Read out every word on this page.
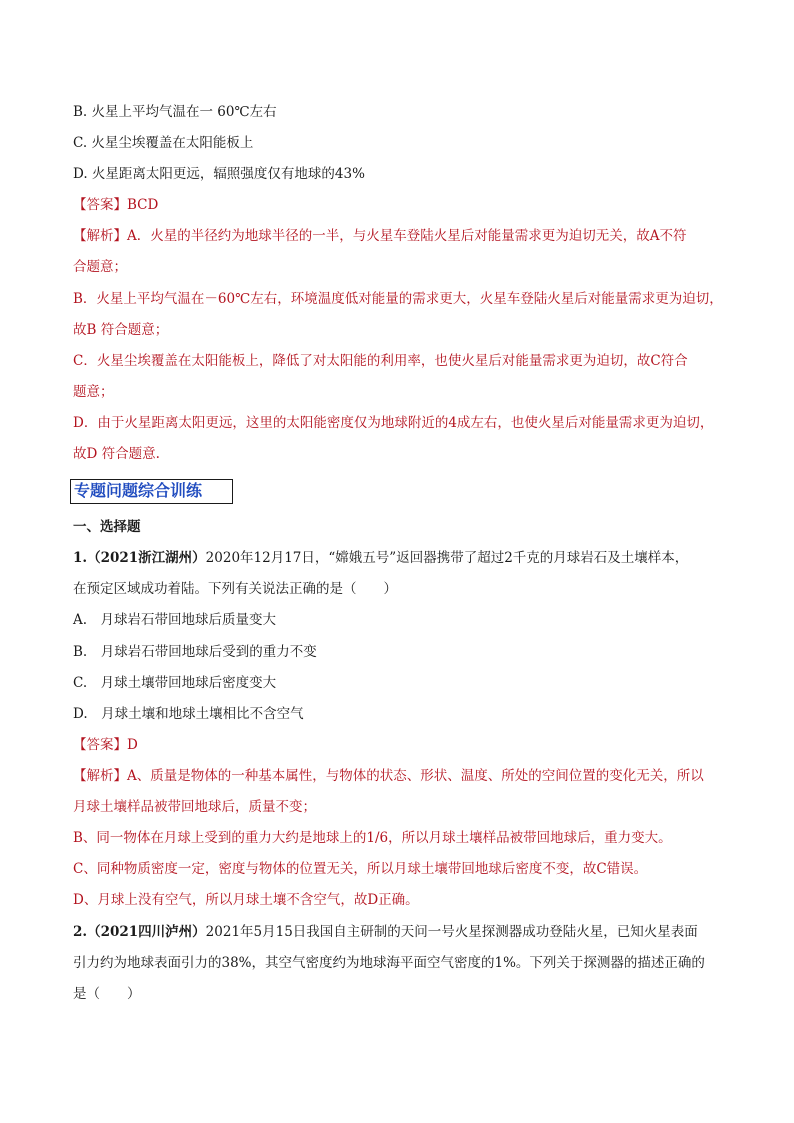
B. 火星上平均气温在一 60℃左右
C. 火星尘埃覆盖在太阳能板上
D. 火星距离太阳更远，辐照强度仅有地球的43%
【答案】BCD
【解析】A．火星的半径约为地球半径的一半，与火星车登陆火星后对能量需求更为迫切无关，故A不符
合题意；
B．火星上平均气温在－60℃左右，环境温度低对能量的需求更大，火星车登陆火星后对能量需求更为迫切，
故B 符合题意；
C．火星尘埃覆盖在太阳能板上，降低了对太阳能的利用率，也使火星后对能量需求更为迫切，故C符合
题意；
D．由于火星距离太阳更远，这里的太阳能密度仅为地球附近的4成左右，也使火星后对能量需求更为迫切，
故D 符合题意.
专题问题综合训练
一、选择题
1.（2021浙江湖州）2020年12月17日，“嫦娥五号”返回器携带了超过2千克的月球岩石及土壤样本，
在预定区域成功着陆。下列有关说法正确的是（　　）
A.　月球岩石带回地球后质量变大
B.　月球岩石带回地球后受到的重力不变
C.　月球土壤带回地球后密度变大
D.　月球土壤和地球土壤相比不含空气
【答案】D
【解析】A、质量是物体的一种基本属性，与物体的状态、形状、温度、所处的空间位置的变化无关，所以
月球土壤样品被带回地球后，质量不变；
B、同一物体在月球上受到的重力大约是地球上的1/6，所以月球土壤样品被带回地球后，重力变大。
C、同种物质密度一定，密度与物体的位置无关，所以月球土壤带回地球后密度不变，故C错误。
D、月球上没有空气，所以月球土壤不含空气，故D正确。
2.（2021四川泸州）2021年5月15日我国自主研制的天问一号火星探测器成功登陆火星，已知火星表面
引力约为地球表面引力的38%，其空气密度约为地球海平面空气密度的1%。下列关于探测器的描述正确的
是（　　）
